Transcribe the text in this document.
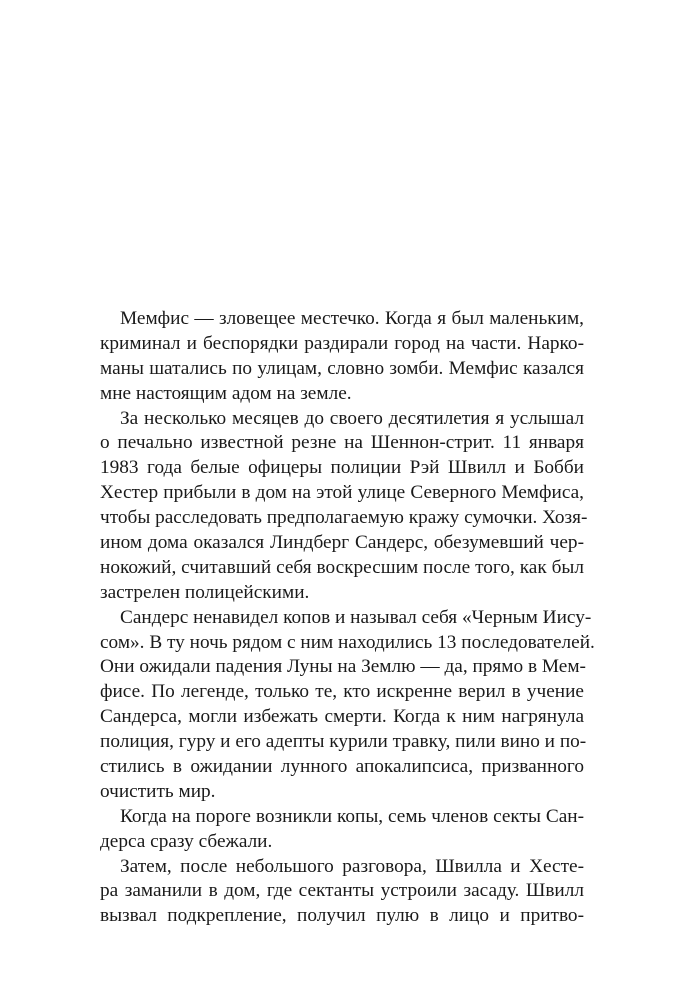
Мемфис — зловещее местечко. Когда я был маленьким,
криминал и беспорядки раздирали город на части. Нарко-
маны шатались по улицам, словно зомби. Мемфис казался
мне настоящим адом на земле.

За несколько месяцев до своего десятилетия я услышал
о печально известной резне на Шеннон-стрит. 11 января
1983 года белые офицеры полиции Рэй Швилл и Бобби
Хестер прибыли в дом на этой улице Северного Мемфиса,
чтобы расследовать предполагаемую кражу сумочки. Хозя-
ином дома оказался Линдберг Сандерс, обезумевший чер-
нокожий, считавший себя воскресшим после того, как был
застрелен полицейскими.

Сандерс ненавидел копов и называл себя «Черным Иису-
сом». В ту ночь рядом с ним находились 13 последователей.
Они ожидали падения Луны на Землю — да, прямо в Мем-
фисе. По легенде, только те, кто искренне верил в учение
Сандерса, могли избежать смерти. Когда к ним нагрянула
полиция, гуру и его адепты курили травку, пили вино и по-
стились в ожидании лунного апокалипсиса, призванного
очистить мир.

Когда на пороге возникли копы, семь членов секты Сан-
дерса сразу сбежали.

Затем, после небольшого разговора, Швилла и Хесте-
ра заманили в дом, где сектанты устроили засаду. Швилл
вызвал подкрепление, получил пулю в лицо и притво-
